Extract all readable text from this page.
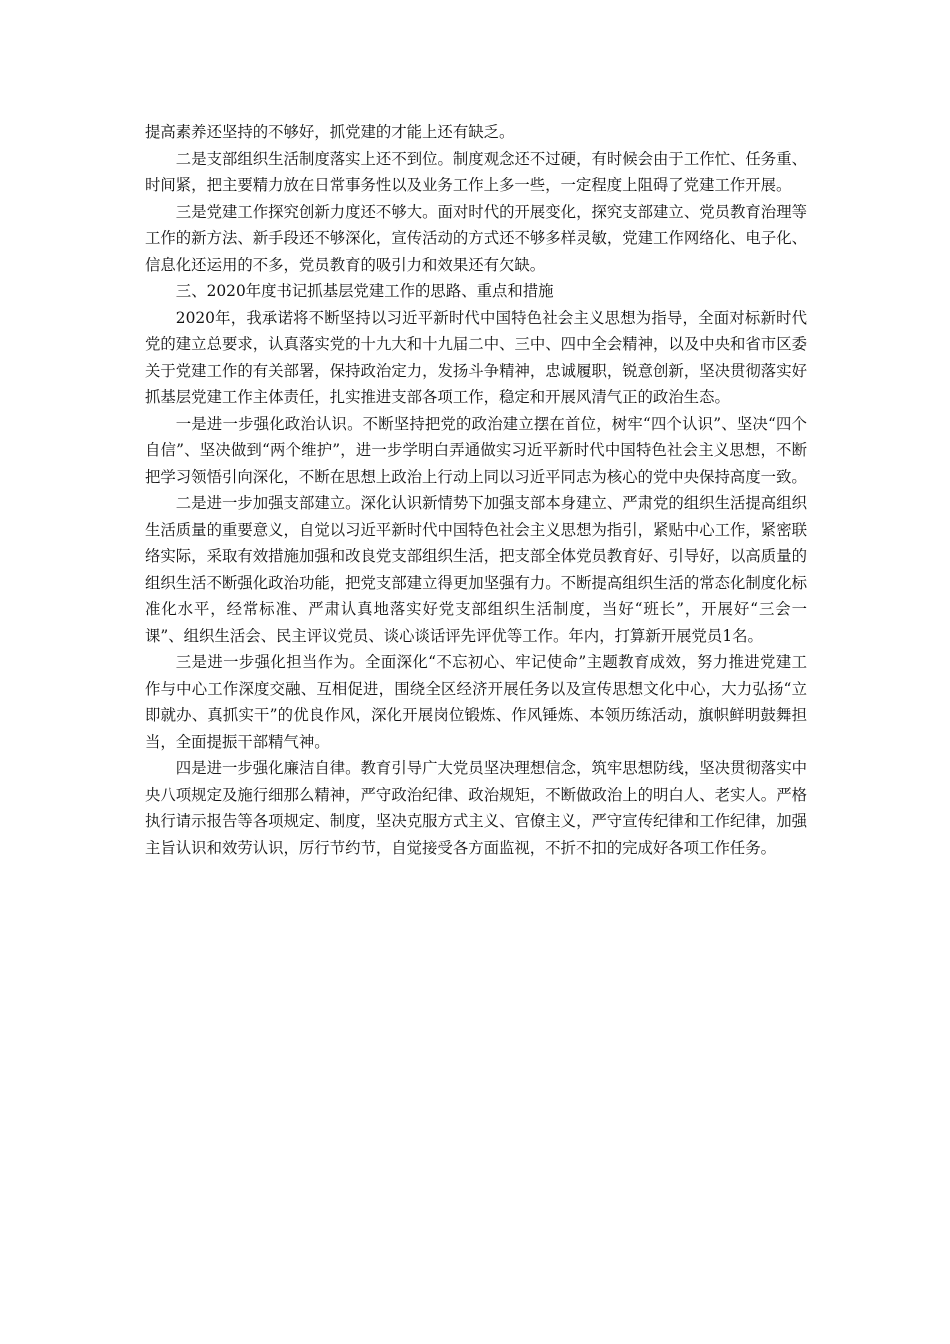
提高素养还坚持的不够好，抓党建的才能上还有缺乏。

二是支部组织生活制度落实上还不到位。制度观念还不过硬，有时候会由于工作忙、任务重、时间紧，把主要精力放在日常事务性以及业务工作上多一些，一定程度上阻碍了党建工作开展。

三是党建工作探究创新力度还不够大。面对时代的开展变化，探究支部建立、党员教育治理等工作的新方法、新手段还不够深化，宣传活动的方式还不够多样灵敏，党建工作网络化、电子化、信息化还运用的不多，党员教育的吸引力和效果还有欠缺。

三、2020年度书记抓基层党建工作的思路、重点和措施

2020年，我承诺将不断坚持以习近平新时代中国特色社会主义思想为指导，全面对标新时代党的建立总要求，认真落实党的十九大和十九届二中、三中、四中全会精神，以及中央和省市区委关于党建工作的有关部署，保持政治定力，发扬斗争精神，忠诚履职，锐意创新，坚决贯彻落实好抓基层党建工作主体责任，扎实推进支部各项工作，稳定和开展风清气正的政治生态。

一是进一步强化政治认识。不断坚持把党的政治建立摆在首位，树牢“四个认识”、坚决“四个自信”、坚决做到“两个维护”，进一步学明白弄通做实习近平新时代中国特色社会主义思想，不断把学习领悟引向深化，不断在思想上政治上行动上同以习近平同志为核心的党中央保持高度一致。

二是进一步加强支部建立。深化认识新情势下加强支部本身建立、严肃党的组织生活提高组织生活质量的重要意义，自觉以习近平新时代中国特色社会主义思想为指引，紧贴中心工作，紧密联络实际，采取有效措施加强和改良党支部组织生活，把支部全体党员教育好、引导好，以高质量的组织生活不断强化政治功能，把党支部建立得更加坚强有力。不断提高组织生活的常态化制度化标准化水平，经常标准、严肃认真地落实好党支部组织生活制度，当好“班长”，开展好“三会一课”、组织生活会、民主评议党员、谈心谈话评先评优等工作。年内，打算新开展党员1名。

三是进一步强化担当作为。全面深化“不忘初心、牢记使命”主题教育成效，努力推进党建工作与中心工作深度交融、互相促进，围绕全区经济开展任务以及宣传思想文化中心，大力弘扬“立即就办、真抓实干”的优良作风，深化开展岗位锻炼、作风锤炼、本领历练活动，旗帜鲜明鼓舞担当，全面提振干部精气神。

四是进一步强化廉洁自律。教育引导广大党员坚决理想信念，筑牢思想防线，坚决贯彻落实中央八项规定及施行细那么精神，严守政治纪律、政治规矩，不断做政治上的明白人、老实人。严格执行请示报告等各项规定、制度，坚决克服方式主义、官僚主义，严守宣传纪律和工作纪律，加强主旨认识和效劳认识，厉行节约节，自觉接受各方面监视，不折不扣的完成好各项工作任务。
